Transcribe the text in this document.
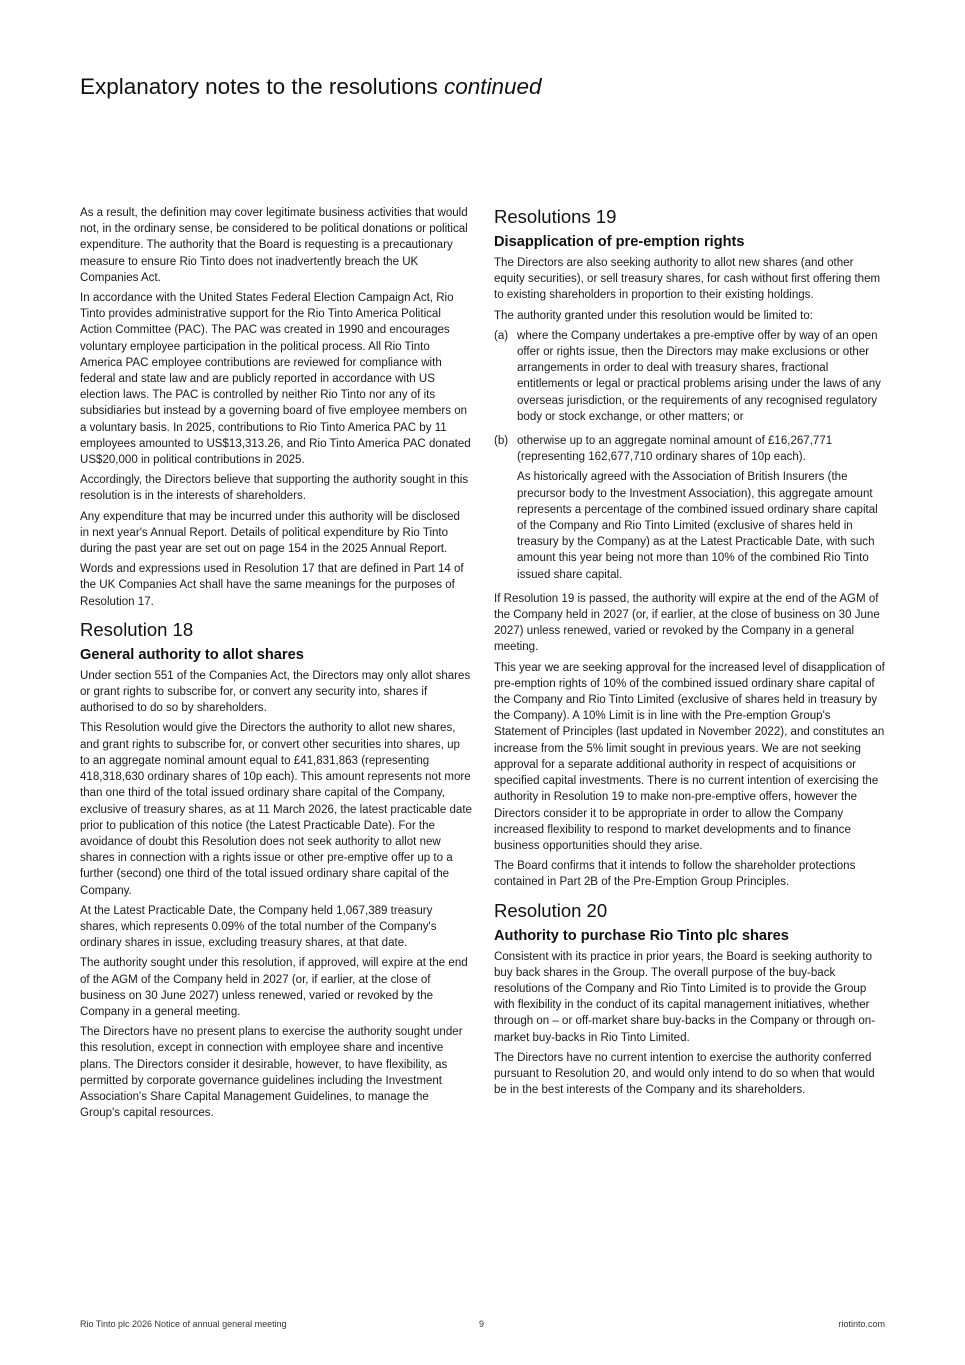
Explanatory notes to the resolutions continued

As a result, the definition may cover legitimate business activities that would not, in the ordinary sense, be considered to be political donations or political expenditure. The authority that the Board is requesting is a precautionary measure to ensure Rio Tinto does not inadvertently breach the UK Companies Act.

In accordance with the United States Federal Election Campaign Act, Rio Tinto provides administrative support for the Rio Tinto America Political Action Committee (PAC). The PAC was created in 1990 and encourages voluntary employee participation in the political process. All Rio Tinto America PAC employee contributions are reviewed for compliance with federal and state law and are publicly reported in accordance with US election laws. The PAC is controlled by neither Rio Tinto nor any of its subsidiaries but instead by a governing board of five employee members on a voluntary basis. In 2025, contributions to Rio Tinto America PAC by 11 employees amounted to US$13,313.26, and Rio Tinto America PAC donated US$20,000 in political contributions in 2025.

Accordingly, the Directors believe that supporting the authority sought in this resolution is in the interests of shareholders.

Any expenditure that may be incurred under this authority will be disclosed in next year's Annual Report. Details of political expenditure by Rio Tinto during the past year are set out on page 154 in the 2025 Annual Report.

Words and expressions used in Resolution 17 that are defined in Part 14 of the UK Companies Act shall have the same meanings for the purposes of Resolution 17.

Resolution 18
General authority to allot shares

Under section 551 of the Companies Act, the Directors may only allot shares or grant rights to subscribe for, or convert any security into, shares if authorised to do so by shareholders.

This Resolution would give the Directors the authority to allot new shares, and grant rights to subscribe for, or convert other securities into shares, up to an aggregate nominal amount equal to £41,831,863 (representing 418,318,630 ordinary shares of 10p each). This amount represents not more than one third of the total issued ordinary share capital of the Company, exclusive of treasury shares, as at 11 March 2026, the latest practicable date prior to publication of this notice (the Latest Practicable Date). For the avoidance of doubt this Resolution does not seek authority to allot new shares in connection with a rights issue or other pre-emptive offer up to a further (second) one third of the total issued ordinary share capital of the Company.

At the Latest Practicable Date, the Company held 1,067,389 treasury shares, which represents 0.09% of the total number of the Company's ordinary shares in issue, excluding treasury shares, at that date.

The authority sought under this resolution, if approved, will expire at the end of the AGM of the Company held in 2027 (or, if earlier, at the close of business on 30 June 2027) unless renewed, varied or revoked by the Company in a general meeting.

The Directors have no present plans to exercise the authority sought under this resolution, except in connection with employee share and incentive plans. The Directors consider it desirable, however, to have flexibility, as permitted by corporate governance guidelines including the Investment Association's Share Capital Management Guidelines, to manage the Group's capital resources.

Resolutions 19
Disapplication of pre-emption rights

The Directors are also seeking authority to allot new shares (and other equity securities), or sell treasury shares, for cash without first offering them to existing shareholders in proportion to their existing holdings.

The authority granted under this resolution would be limited to:

(a) where the Company undertakes a pre-emptive offer by way of an open offer or rights issue, then the Directors may make exclusions or other arrangements in order to deal with treasury shares, fractional entitlements or legal or practical problems arising under the laws of any overseas jurisdiction, or the requirements of any recognised regulatory body or stock exchange, or other matters; or

(b) otherwise up to an aggregate nominal amount of £16,267,771 (representing 162,677,710 ordinary shares of 10p each).

As historically agreed with the Association of British Insurers (the precursor body to the Investment Association), this aggregate amount represents a percentage of the combined issued ordinary share capital of the Company and Rio Tinto Limited (exclusive of shares held in treasury by the Company) as at the Latest Practicable Date, with such amount this year being not more than 10% of the combined Rio Tinto issued share capital.

If Resolution 19 is passed, the authority will expire at the end of the AGM of the Company held in 2027 (or, if earlier, at the close of business on 30 June 2027) unless renewed, varied or revoked by the Company in a general meeting.

This year we are seeking approval for the increased level of disapplication of pre-emption rights of 10% of the combined issued ordinary share capital of the Company and Rio Tinto Limited (exclusive of shares held in treasury by the Company). A 10% Limit is in line with the Pre-emption Group's Statement of Principles (last updated in November 2022), and constitutes an increase from the 5% limit sought in previous years. We are not seeking approval for a separate additional authority in respect of acquisitions or specified capital investments. There is no current intention of exercising the authority in Resolution 19 to make non-pre-emptive offers, however the Directors consider it to be appropriate in order to allow the Company increased flexibility to respond to market developments and to finance business opportunities should they arise.

The Board confirms that it intends to follow the shareholder protections contained in Part 2B of the Pre-Emption Group Principles.

Resolution 20
Authority to purchase Rio Tinto plc shares

Consistent with its practice in prior years, the Board is seeking authority to buy back shares in the Group. The overall purpose of the buy-back resolutions of the Company and Rio Tinto Limited is to provide the Group with flexibility in the conduct of its capital management initiatives, whether through on – or off-market share buy-backs in the Company or through on-market buy-backs in Rio Tinto Limited.

The Directors have no current intention to exercise the authority conferred pursuant to Resolution 20, and would only intend to do so when that would be in the best interests of the Company and its shareholders.

Rio Tinto plc 2026 Notice of annual general meeting	9	riotinto.com
